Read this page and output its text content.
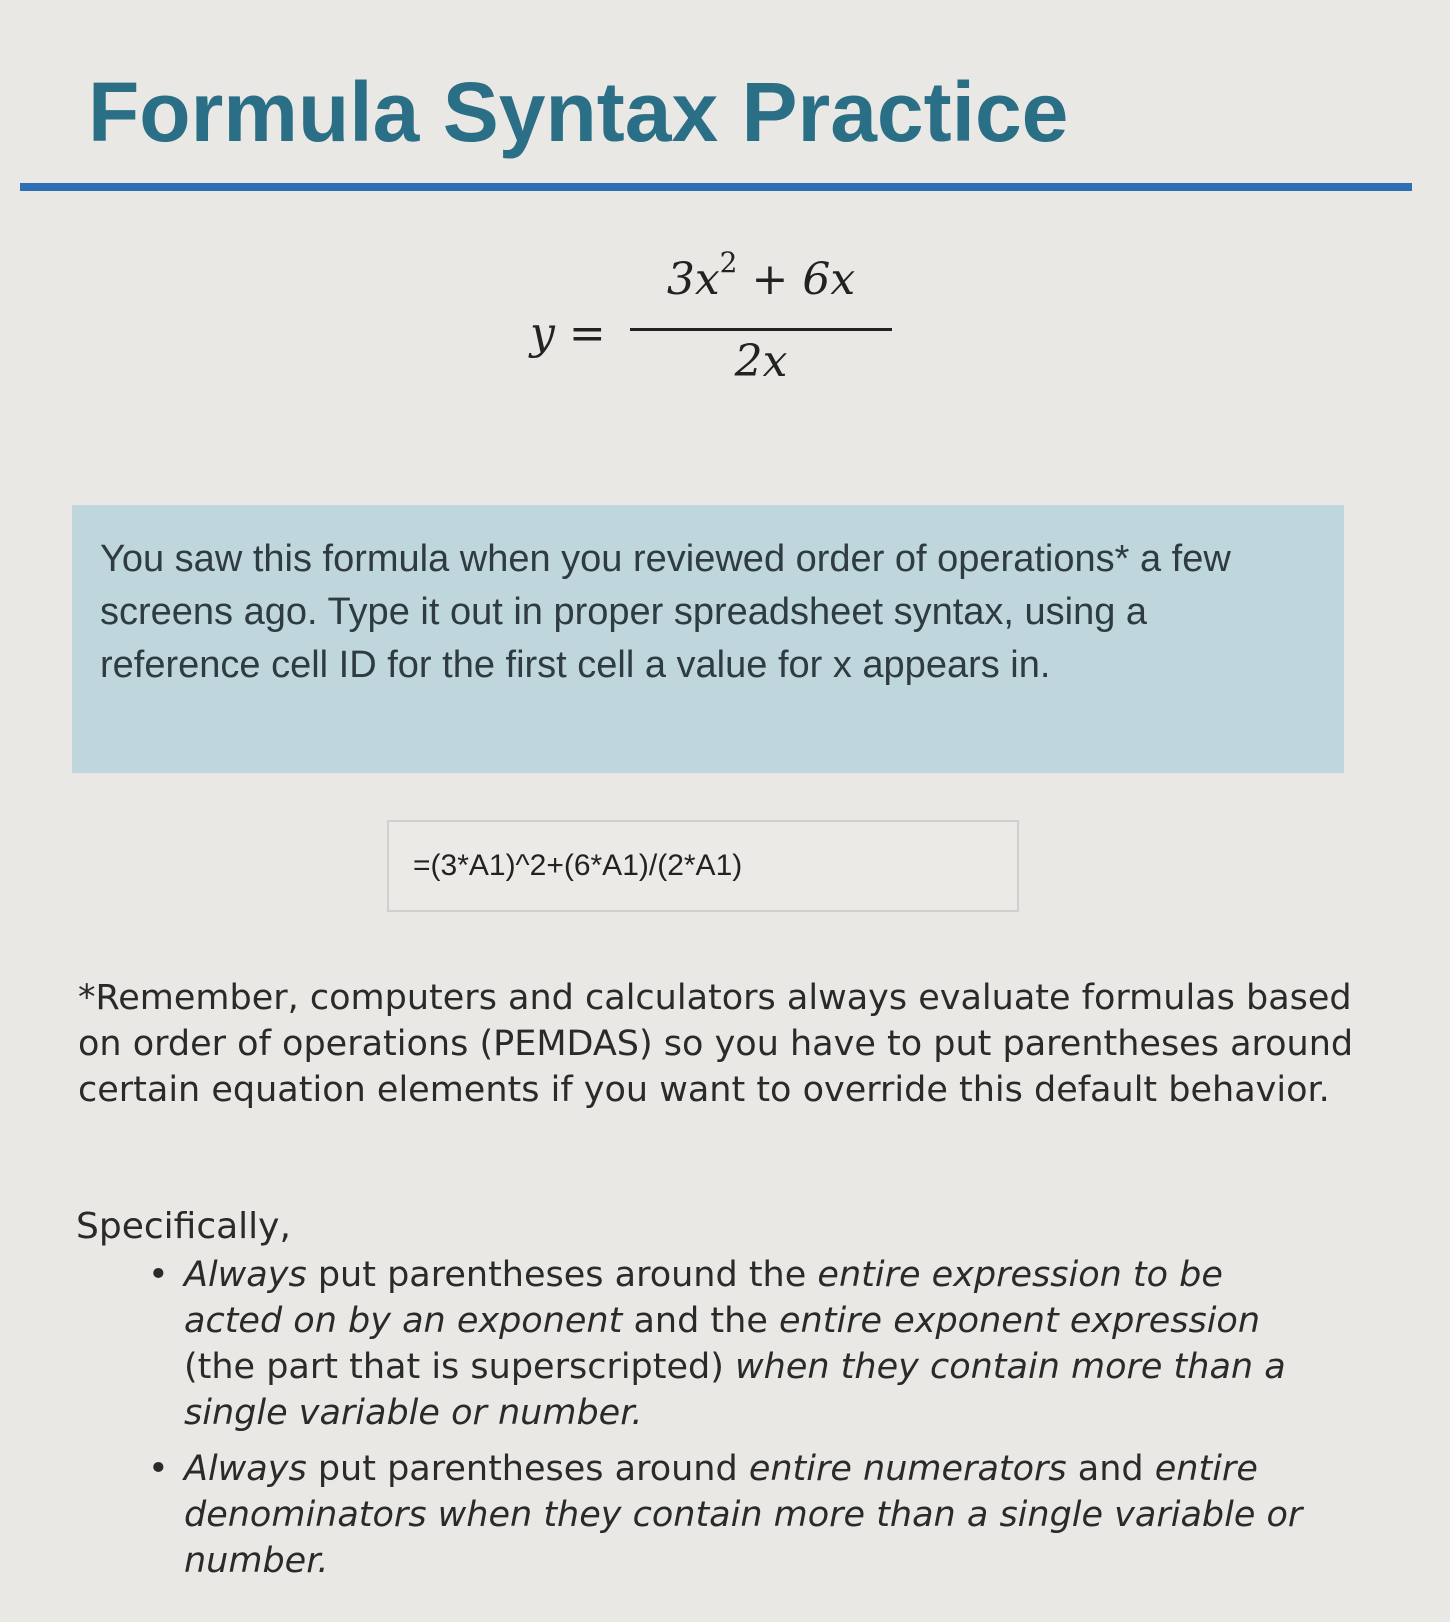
Formula Syntax Practice
y =
$3x^2 + 6x$
2x

You saw this formula when you reviewed order of operations* a few screens ago. Type it out in proper spreadsheet syntax, using a reference cell ID for the first cell a value for x appears in.

=(3*A1)^2+(6*A1)/(2*A1)

*Remember, computers and calculators always evaluate formulas based on order of operations (PEMDAS) so you have to put parentheses around certain equation elements if you want to override this default behavior.

Specifically,

• Always put parentheses around the entire expression to be acted on by an exponent and the entire exponent expression (the part that is superscripted) when they contain more than a single variable or number.
• Always put parentheses around entire numerators and entire denominators when they contain more than a single variable or number.
